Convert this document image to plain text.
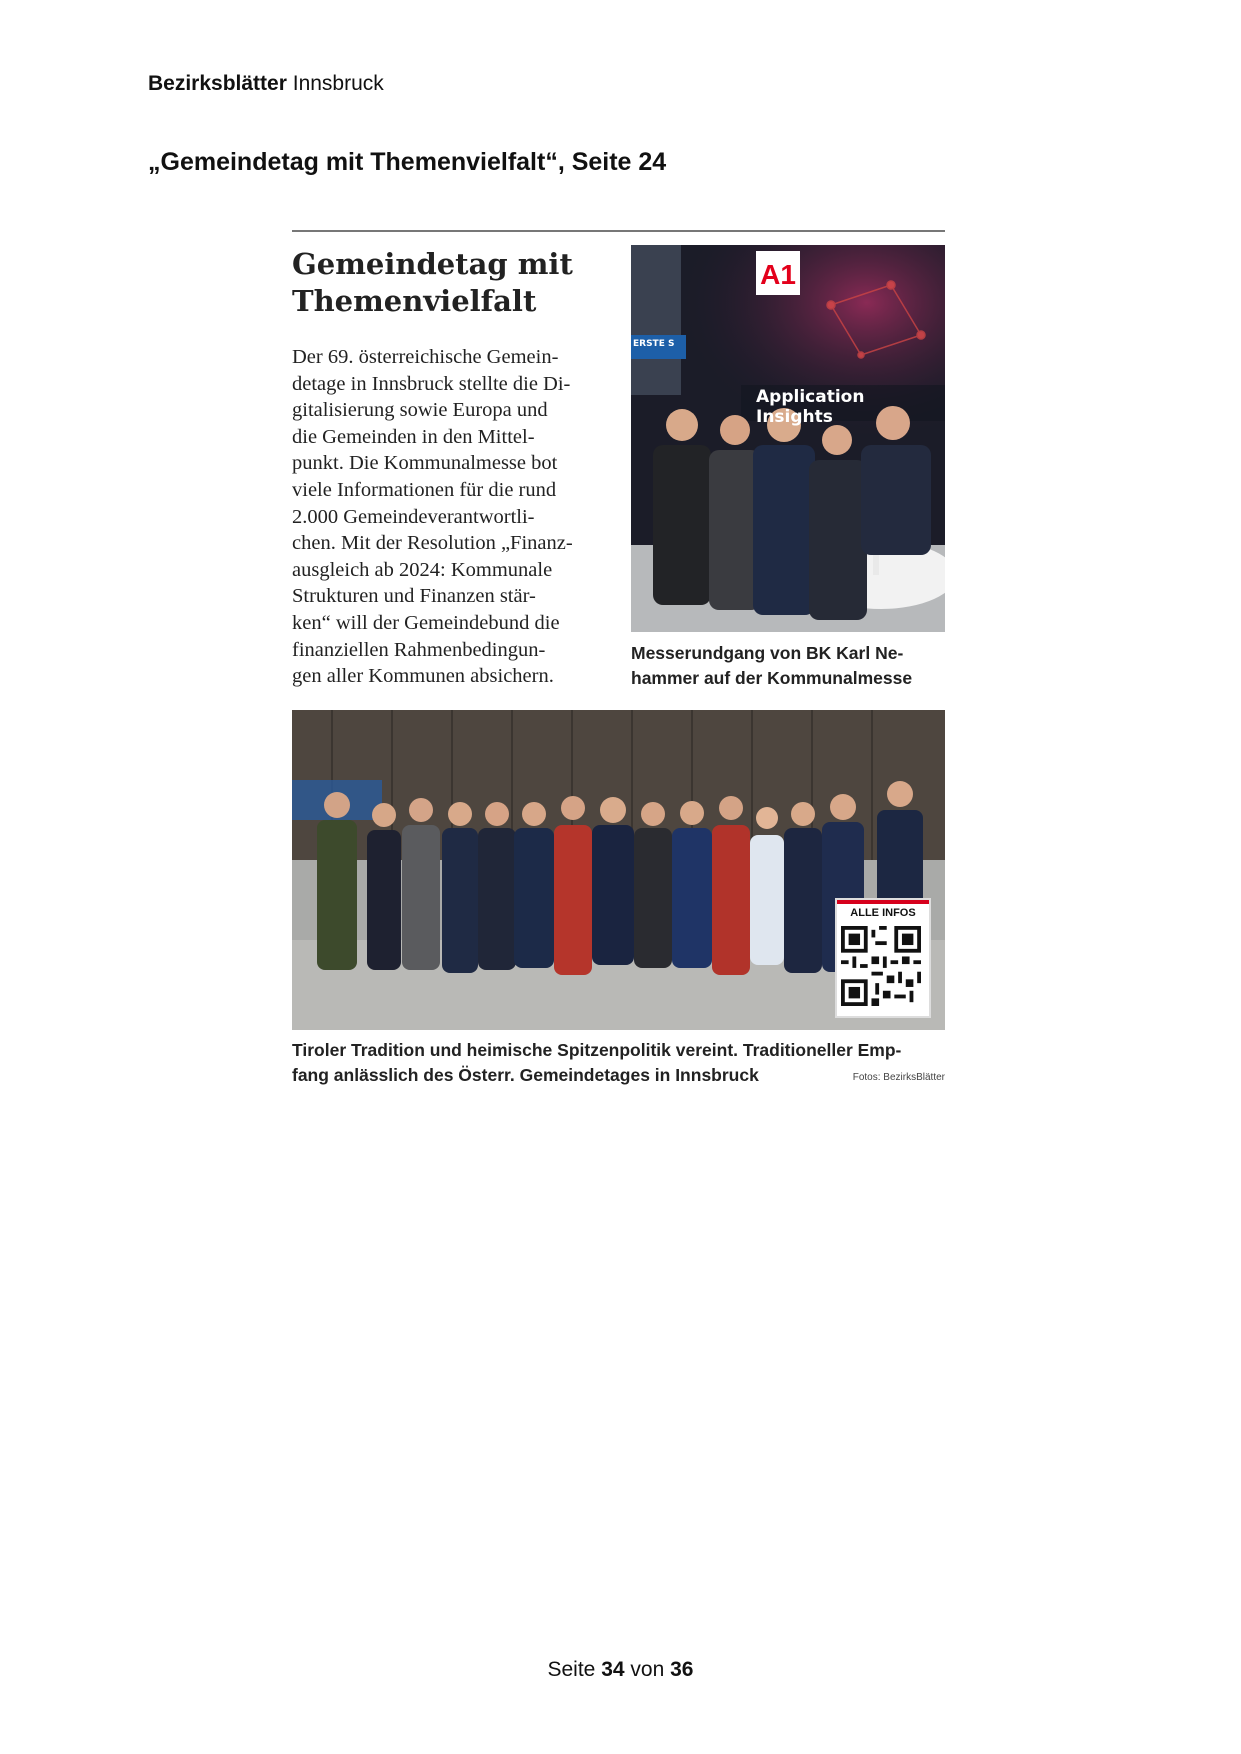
Bezirksblätter Innsbruck
„Gemeindetag mit Themenvielfalt“, Seite 24
Gemeindetag mit
Themenvielfalt
Der 69. österreichische Gemein-
detage in Innsbruck stellte die Di-
gitalisierung sowie Europa und
die Gemeinden in den Mittel-
punkt. Die Kommunalmesse bot
viele Informationen für die rund
2.000 Gemeindeverantwortli-
chen. Mit der Resolution „Finanz-
ausgleich ab 2024: Kommunale
Strukturen und Finanzen stär-
ken“ will der Gemeindebund die
finanziellen Rahmenbedingun-
gen aller Kommunen absichern.
A1
Application Insights
ERSTE S
Messerundgang von BK Karl Ne-
hammer auf der Kommunalmesse
ALLE INFOS
Tiroler Tradition und heimische Spitzenpolitik vereint. Traditioneller Emp-
fang anlässlich des Österr. Gemeindetages in Innsbruck	Fotos: BezirksBlätter
Seite 34 von 36
